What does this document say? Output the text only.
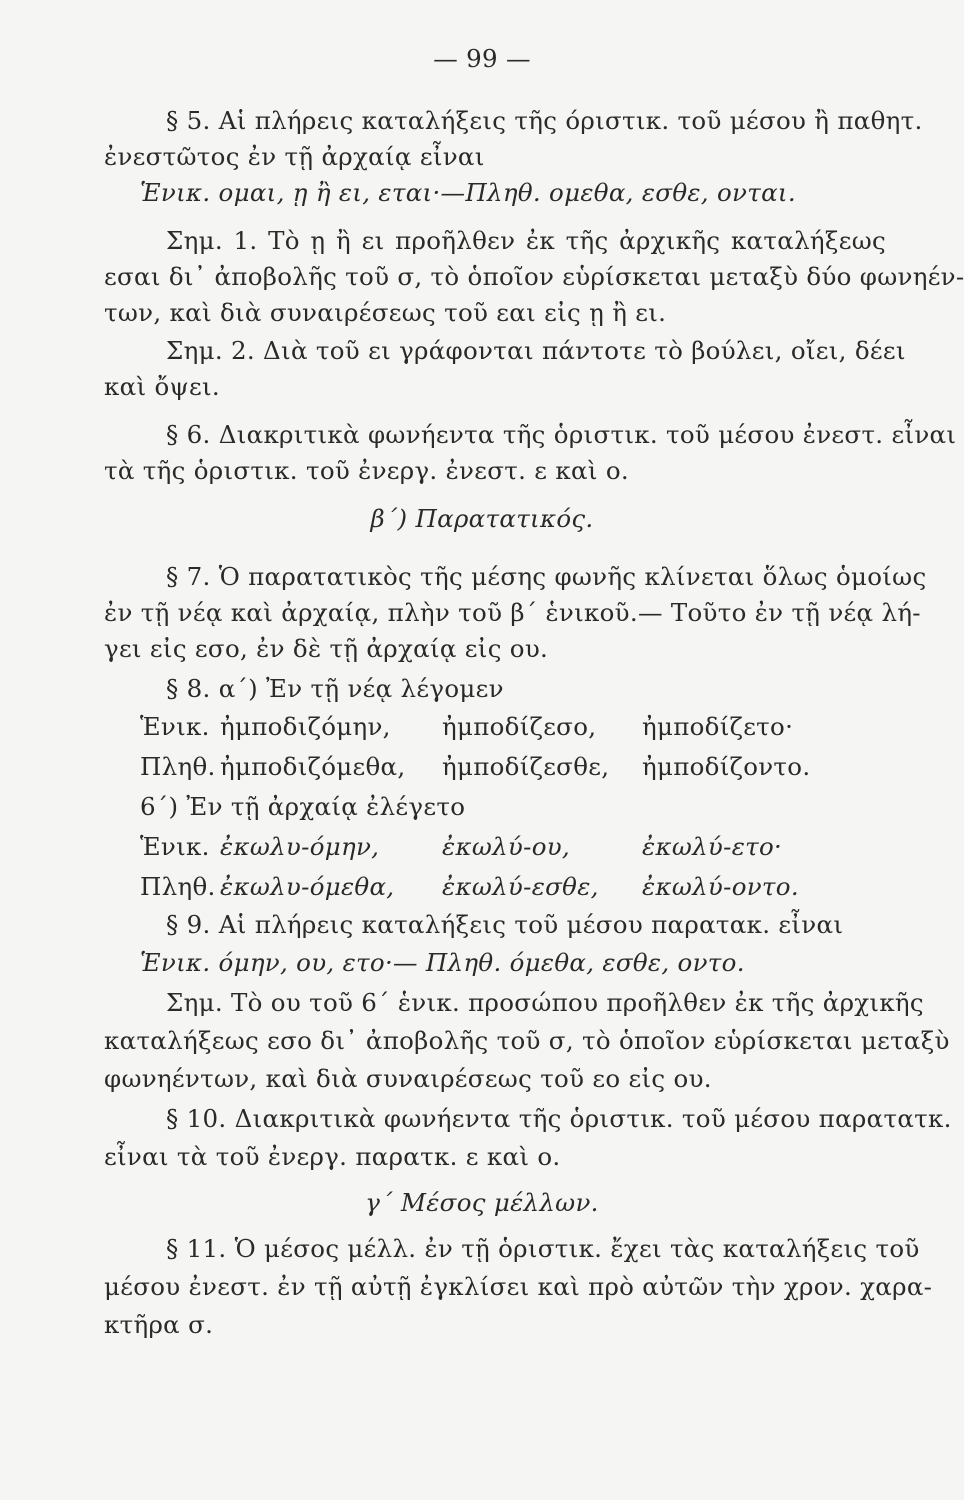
— 99 —
§ 5. Αἱ πλήρεις καταλήξεις τῆς όριστικ. τοῦ μέσου ἢ παθητ.
ἐνεστῶτος ἐν τῇ ἀρχαίᾳ εἶναι
Ἑνικ. ομαι, ῃ ἢ ει, εται·—Πληθ. ομεθα, εσθε, ονται.
Σημ. 1. Τὸ ῃ ἢ ει προῆλθεν ἐκ τῆς ἀρχικῆς καταλήξεως
εσαι δι᾿ ἀποβολῆς τοῦ σ, τὸ ὁποῖον εὑρίσκεται μεταξὺ δύο φωνηέν-
των, καὶ διὰ συναιρέσεως τοῦ εαι εἰς ῃ ἢ ει.
Σημ. 2. Διὰ τοῦ ει γράφονται πάντοτε τὸ βούλει, οἴει, δέει
καὶ ὄψει.
§ 6. Διακριτικὰ φωνήεντα τῆς ὁριστικ. τοῦ μέσου ἐνεστ. εἶναι
τὰ τῆς ὁριστικ. τοῦ ἐνεργ. ἐνεστ. ε καὶ ο.
β΄) Παρατατικός.
§ 7. Ὁ παρατατικὸς τῆς μέσης φωνῆς κλίνεται ὅλως ὁμοίως
ἐν τῇ νέᾳ καὶ ἀρχαίᾳ, πλὴν τοῦ β΄ ἑνικοῦ.— Τοῦτο ἐν τῇ νέᾳ λή-
γει εἰς εσο, ἐν δὲ τῇ ἀρχαίᾳ εἰς ου.
§ 8. α΄) Ἐν τῇ νέᾳ λέγομεν
Ἑνικ. ἠμποδιζόμην, ἠμποδίζεσο, ἠμποδίζετο·
Πληθ. ἠμποδιζόμεθα, ἠμποδίζεσθε, ἠμποδίζοντο.
6΄) Ἐν τῇ ἀρχαίᾳ ἐλέγετο
Ἑνικ. ἐκωλυ-όμην,	ἐκωλύ-ου,	ἐκωλύ-ετο·
Πληθ. ἐκωλυ-όμεθα, ἐκωλύ-εσθε, ἐκωλύ-οντο.
§ 9. Αἱ πλήρεις καταλήξεις τοῦ μέσου παρατακ. εἶναι
Ἑνικ. όμην, ου, ετο·— Πληθ. όμεθα, εσθε, οντο.
Σημ. Τὸ ου τοῦ 6΄ ἑνικ. προσώπου προῆλθεν ἐκ τῆς ἀρχικῆς
καταλήξεως εσο δι᾿ ἀποβολῆς τοῦ σ, τὸ ὁποῖον εὑρίσκεται μεταξὺ
φωνηέντων, καὶ διὰ συναιρέσεως τοῦ εο εἰς ου.
§ 10. Διακριτικὰ φωνήεντα τῆς ὁριστικ. τοῦ μέσου παρατατκ.
εἶναι τὰ τοῦ ἐνεργ. παρατκ. ε καὶ ο.
γ΄ Μέσος μέλλων.
§ 11. Ὁ μέσος μέλλ. ἐν τῇ ὁριστικ. ἔχει τὰς καταλήξεις τοῦ
μέσου ἐνεστ. ἐν τῇ αὐτῇ ἐγκλίσει καὶ πρὸ αὐτῶν τὴν χρον. χαρα-
κτῆρα σ.
